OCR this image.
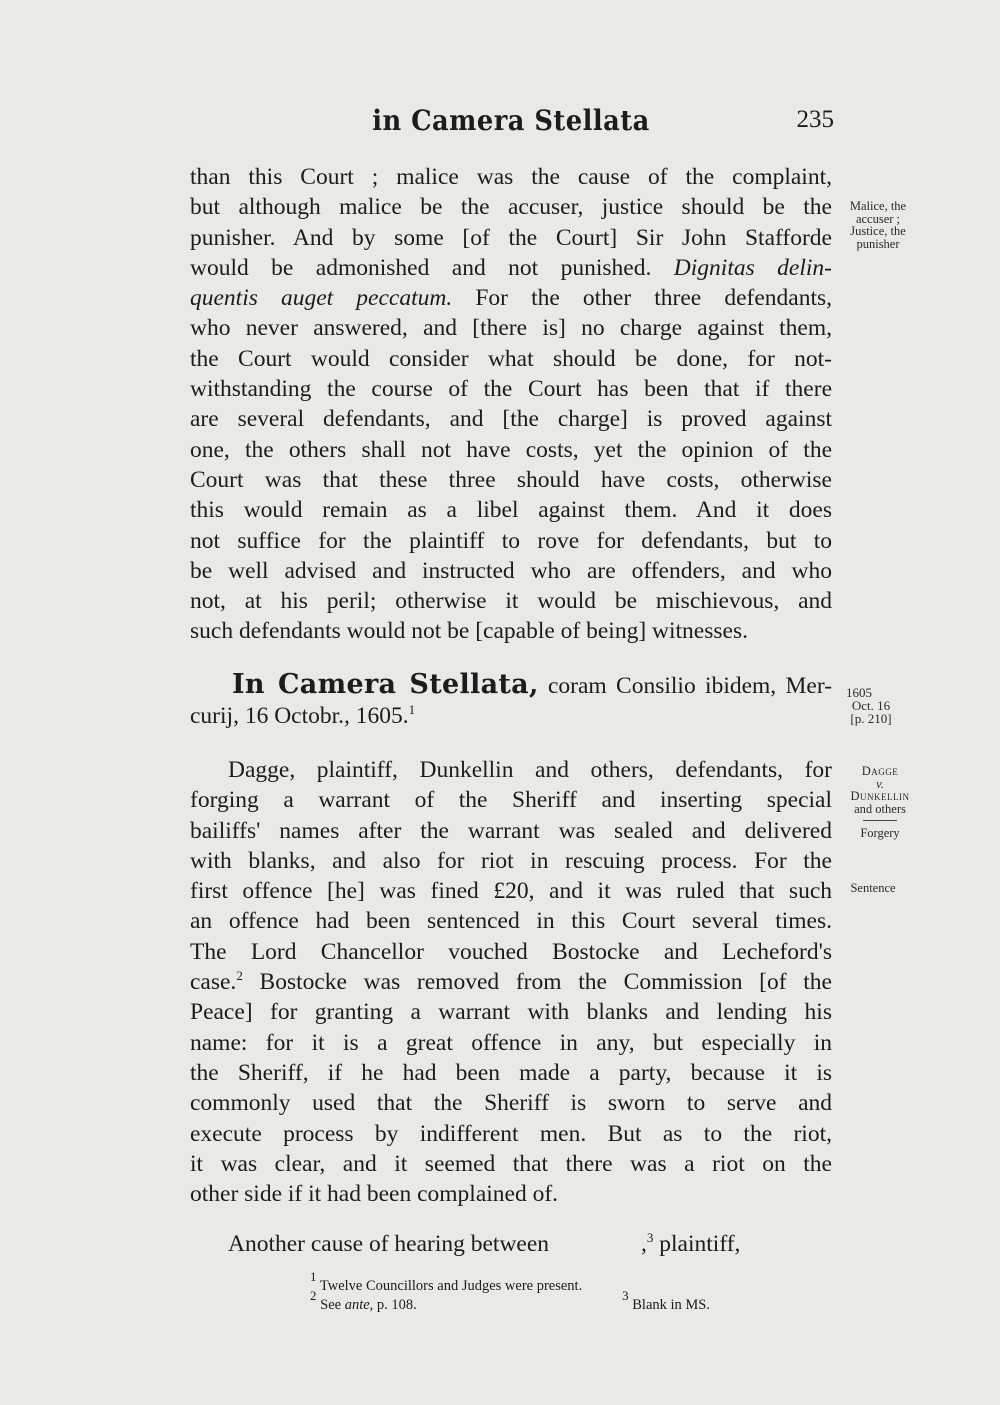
in Camera Stellata	235
than this Court ; malice was the cause of the complaint,
but although malice be the accuser, justice should be the
punisher. And by some [of the Court] Sir John Stafforde
would be admonished and not punished. Dignitas delin-
quentis auget peccatum. For the other three defendants,
who never answered, and [there is] no charge against them,
the Court would consider what should be done, for not-
withstanding the course of the Court has been that if there
are several defendants, and [the charge] is proved against
one, the others shall not have costs, yet the opinion of the
Court was that these three should have costs, otherwise
this would remain as a libel against them. And it does
not suffice for the plaintiff to rove for defendants, but to
be well advised and instructed who are offenders, and who
not, at his peril; otherwise it would be mischievous, and
such defendants would not be [capable of being] witnesses.
In Camera Stellata, coram Consilio ibidem, Mer-
curij, 16 Octobr., 1605.$^1$
Dagge, plaintiff, Dunkellin and others, defendants, for
forging a warrant of the Sheriff and inserting special
bailiffs' names after the warrant was sealed and delivered
with blanks, and also for riot in rescuing process. For the
first offence [he] was fined £20, and it was ruled that such
an offence had been sentenced in this Court several times.
The Lord Chancellor vouched Bostocke and Lecheford's
case.$^2$ Bostocke was removed from the Commission [of the
Peace] for granting a warrant with blanks and lending his
name: for it is a great offence in any, but especially in
the Sheriff, if he had been made a party, because it is
commonly used that the Sheriff is sworn to serve and
execute process by indifferent men. But as to the riot,
it was clear, and it seemed that there was a riot on the
other side if it had been complained of.
Another cause of hearing between	,$^3$ plaintiff,
Malice, the
accuser ;
Justice, the
punisher
1605
Oct. 16
[p. 210]
Dagge
v.
Dunkellin
and others
Forgery
Sentence
$^1$ Twelve Councillors and Judges were present.
$^2$ See ante, p. 108.
$^3$ Blank in MS.
